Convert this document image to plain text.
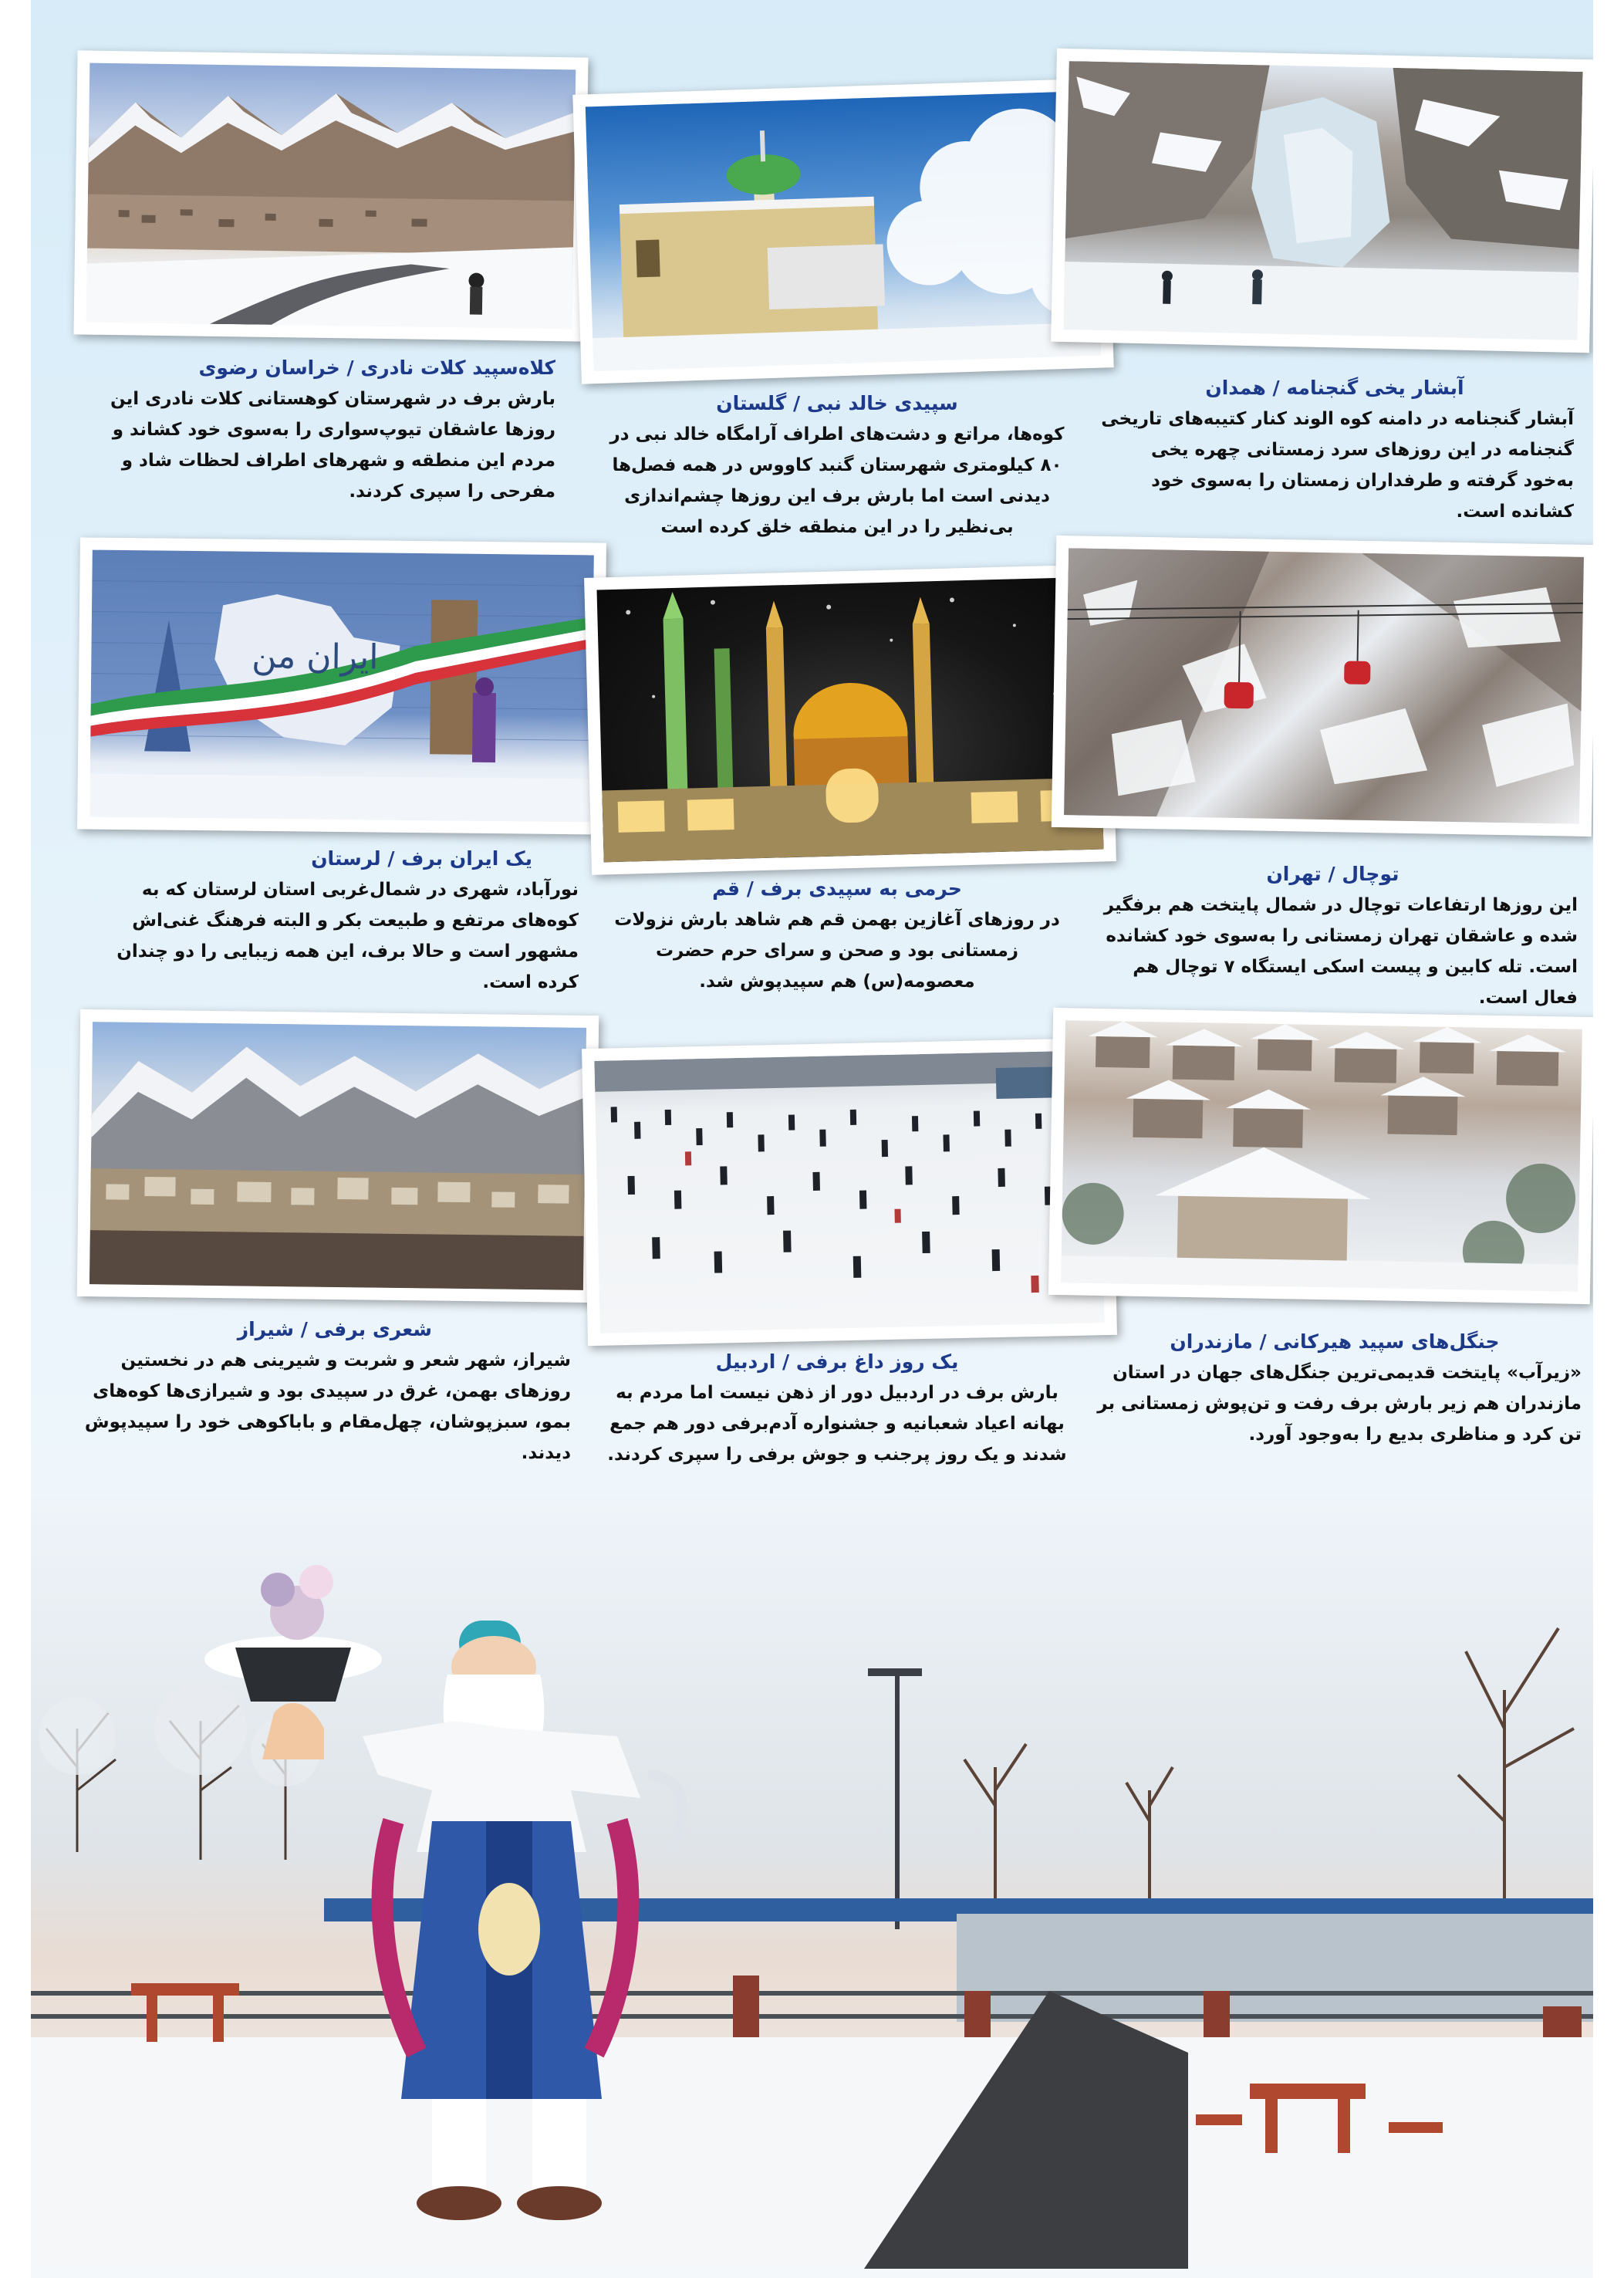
کلاه‌سپید کلات نادری / خراسان رضوی
بارش برف در شهرستان کوهستانی کلات نادری این روزها عاشقان تیوپ‌سواری را به‌سوی خود کشاند و مردم این منطقه و شهرهای اطراف لحظات شاد و مفرحی را سپری کردند.
سپیدی خالد نبی / گلستان
کوه‌ها، مراتع و دشت‌های اطراف آرامگاه خالد نبی در ۸۰ کیلومتری شهرستان گنبد کاووس در همه فصل‌ها دیدنی است اما بارش برف این روزها چشم‌اندازی بی‌نظیر را در این منطقه خلق کرده است
آبشار یخی گنجنامه / همدان
آبشار گنجنامه در دامنه کوه الوند کنار کتیبه‌های تاریخی گنجنامه در این روزهای سرد زمستانی چهره یخی به‌خود گرفته و طرفداران زمستان را به‌سوی خود کشانده است.
ایران من
یک ایران برف / لرستان
نورآباد، شهری در شمال‌غربی استان لرستان که به کوه‌های مرتفع و طبیعت بکر و البته فرهنگ غنی‌اش مشهور است و حالا برف، این همه زیبایی را دو چندان کرده است.
حرمی به سپیدی برف / قم
در روزهای آغازین بهمن قم هم شاهد بارش نزولات زمستانی بود و صحن و سرای حرم حضرت معصومه(س) هم سپیدپوش شد.
توچال / تهران
این روزها ارتفاعات توچال در شمال پایتخت هم برفگیر شده و عاشقان تهران زمستانی را به‌سوی خود کشانده است. تله کابین و پیست اسکی ایستگاه ۷ توچال هم فعال است.
شعری برفی / شیراز
شیراز، شهر شعر و شربت و شیرینی هم در نخستین روزهای بهمن، غرق در سپیدی بود و شیرازی‌ها کوه‌های بمو، سبزپوشان، چهل‌مقام و باباکوهی خود را سپیدپوش دیدند.
یک روز داغ برفی / اردبیل
بارش برف در اردبیل دور از ذهن نیست اما مردم به بهانه اعیاد شعبانیه و جشنواره آدم‌برفی دور هم جمع شدند و یک روز پرجنب و جوش برفی را سپری کردند.
جنگل‌های سپید هیرکانی / مازندران
«زیرآب» پایتخت قدیمی‌ترین جنگل‌های جهان در استان مازندران هم زیر بارش برف رفت و تن‌پوش زمستانی بر تن کرد و مناظری بدیع را به‌وجود آورد.
